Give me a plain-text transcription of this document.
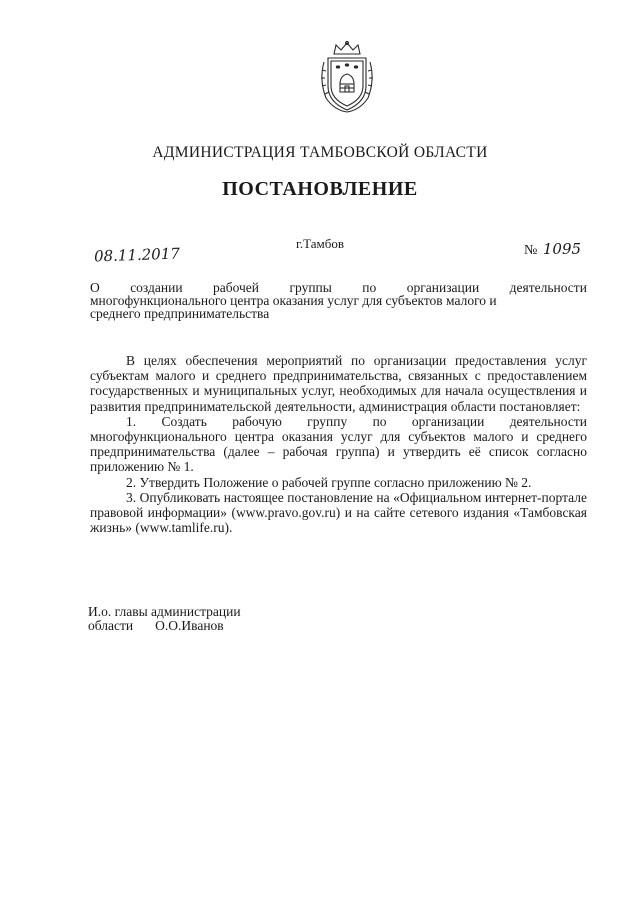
АДМИНИСТРАЦИЯ ТАМБОВСКОЙ ОБЛАСТИ
ПОСТАНОВЛЕНИЕ
08.11.2017
г.Тамбов	№ 1095
О создании рабочей группы по организации деятельности
многофункционального центра оказания услуг для субъектов малого и
среднего предпринимательства

В целях обеспечения мероприятий по организации предоставления услуг субъектам малого и среднего предпринимательства, связанных с предоставлением государственных и муниципальных услуг, необходимых для начала осуществления и развития предпринимательской деятельности, администрация области постановляет:

1. Создать рабочую группу по организации деятельности

многофункционального центра оказания услуг для субъектов малого и среднего предпринимательства (далее – рабочая группа) и утвердить её список согласно приложению № 1.

2. Утвердить Положение о рабочей группе согласно приложению № 2.

3. Опубликовать настоящее постановление на «Официальном интернет-портале правовой информации» (www.pravo.gov.ru) и на сайте сетевого издания «Тамбовская жизнь» (www.tamlife.ru).

И.о. главы администрации
области О.О.Иванов
